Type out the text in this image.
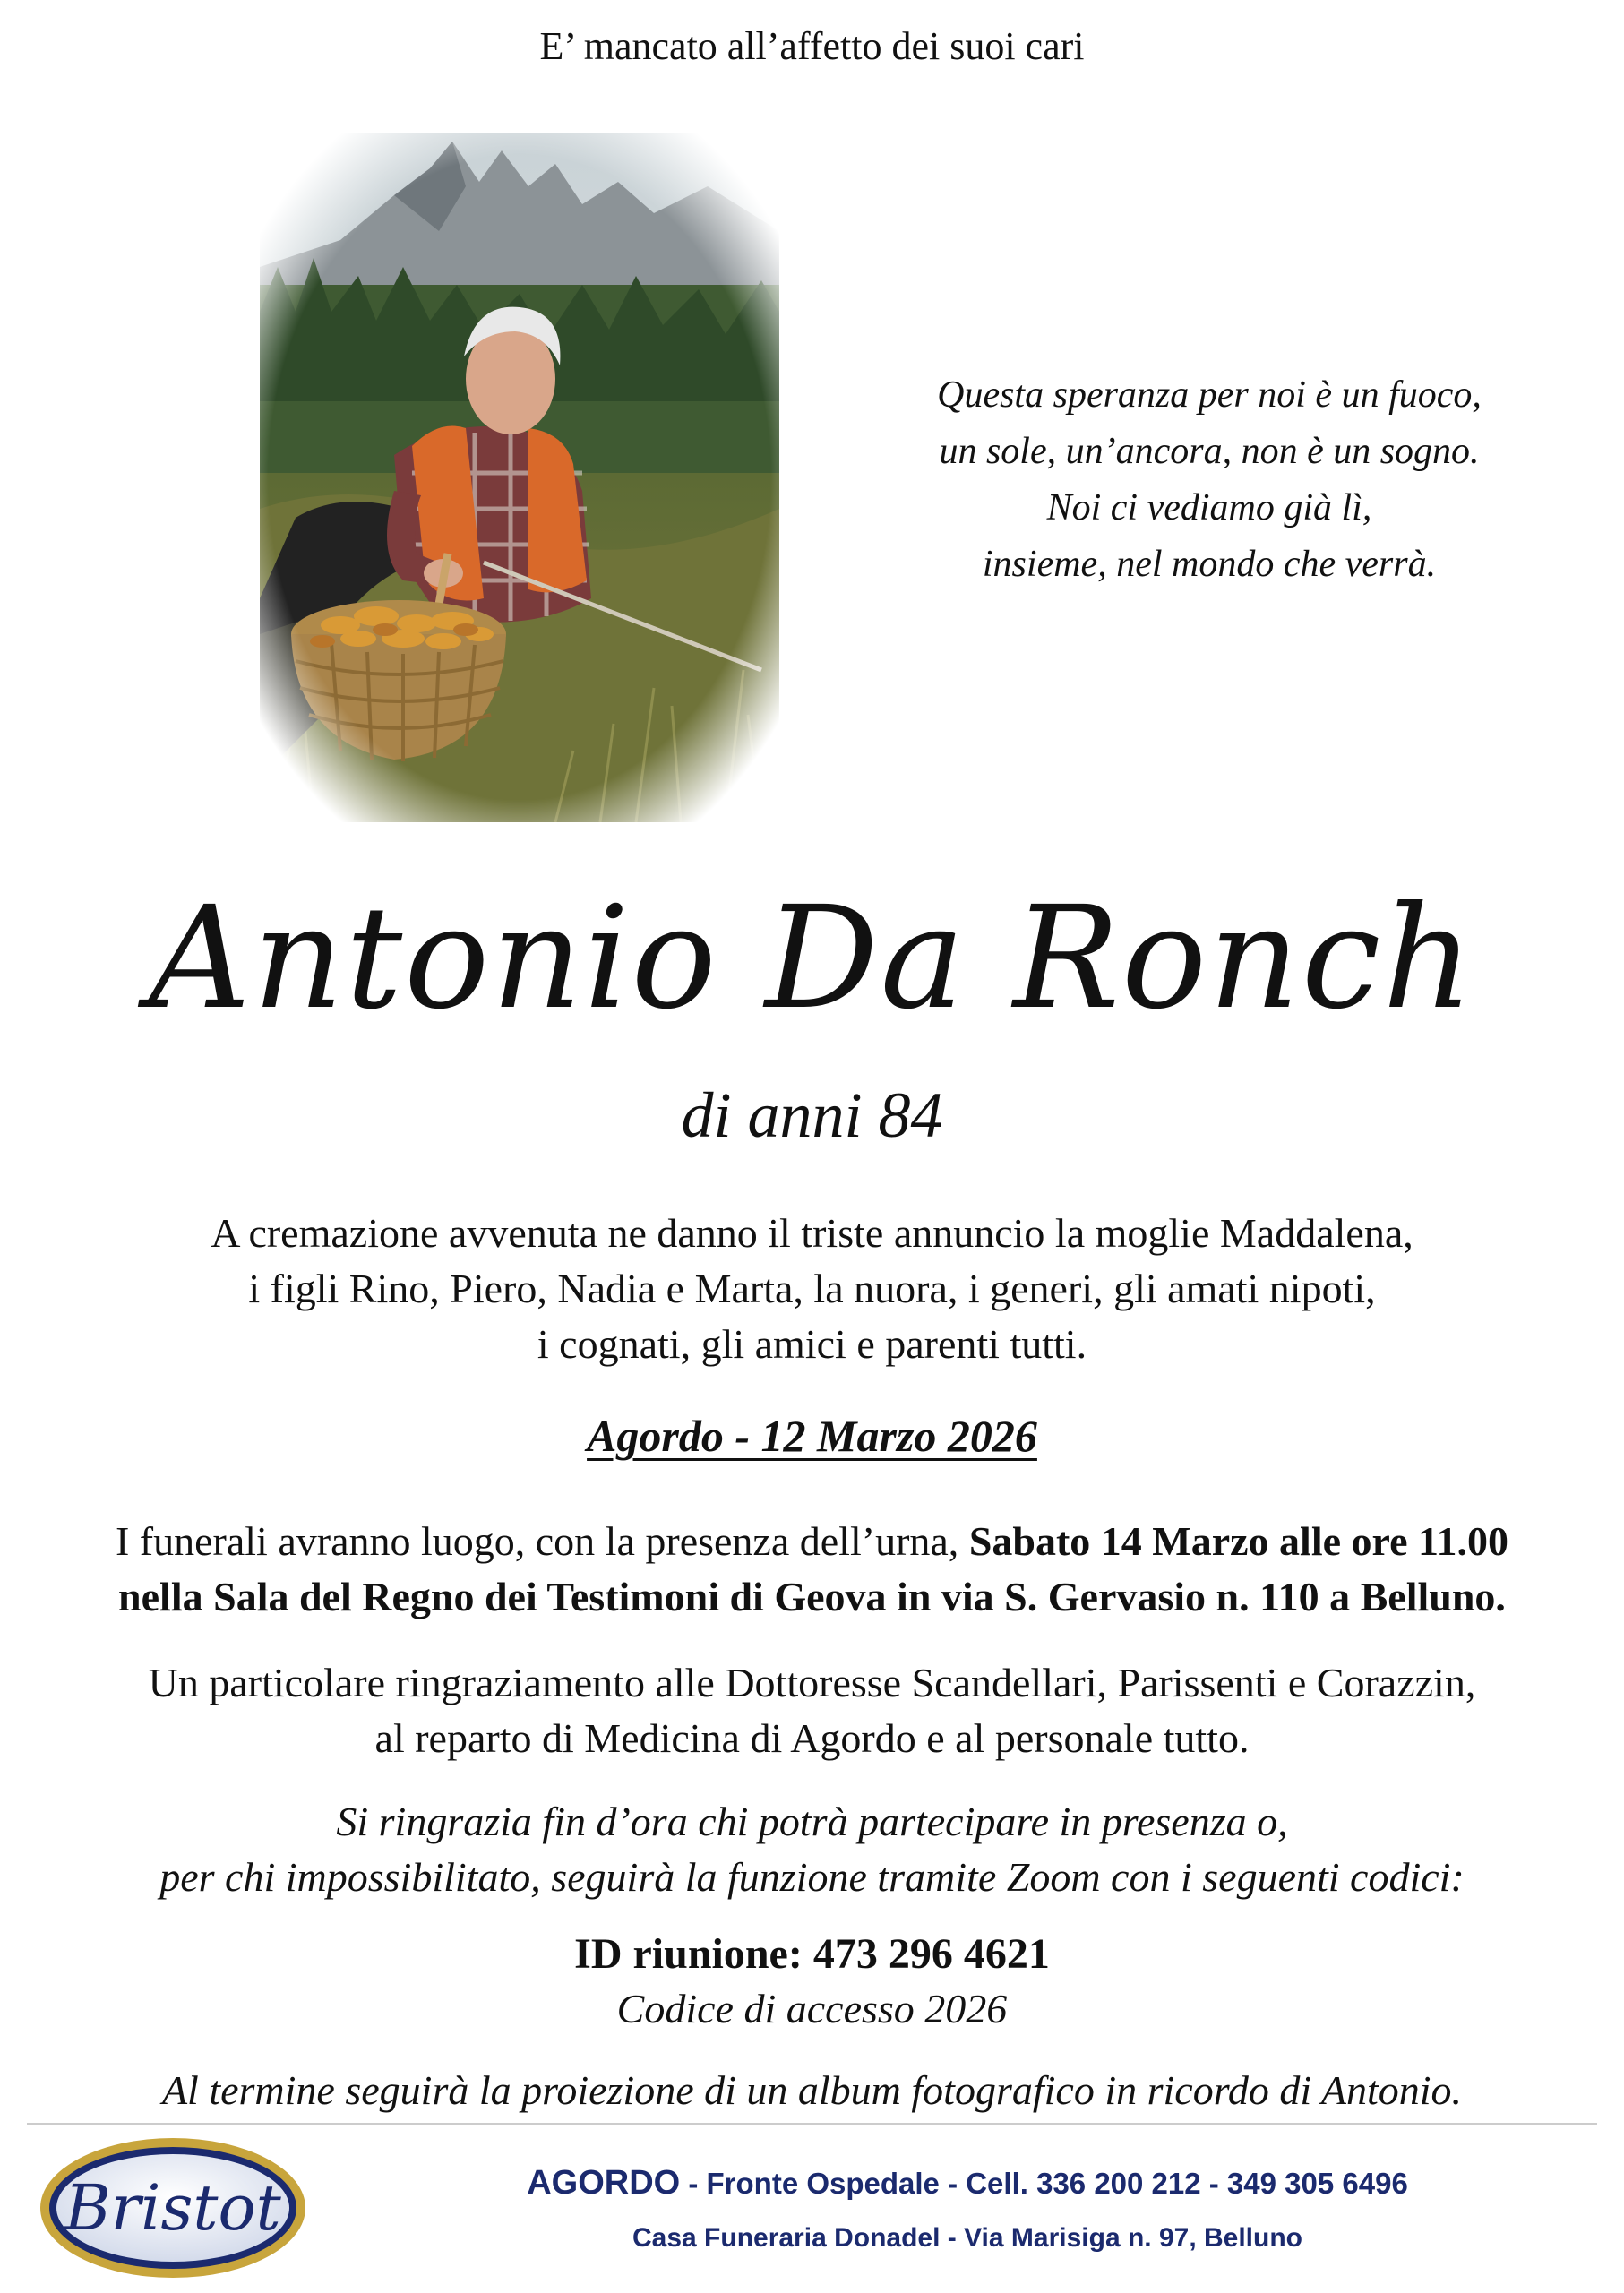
E’ mancato all’affetto dei suoi cari
Questa speranza per noi è un fuoco,
un sole, un’ancora, non è un sogno.
Noi ci vediamo già lì,
insieme, nel mondo che verrà.
Antonio Da Ronch
di anni 84
A cremazione avvenuta ne danno il triste annuncio la moglie Maddalena,
i figli Rino, Piero, Nadia e Marta, la nuora, i generi, gli amati nipoti,
i cognati, gli amici e parenti tutti.
Agordo - 12 Marzo 2026
I funerali avranno luogo, con la presenza dell’urna, Sabato 14 Marzo alle ore 11.00
nella Sala del Regno dei Testimoni di Geova in via S. Gervasio n. 110 a Belluno.
Un particolare ringraziamento alle Dottoresse Scandellari, Parissenti e Corazzin,
al reparto di Medicina di Agordo e al personale tutto.
Si ringrazia fin d’ora chi potrà partecipare in presenza o,
per chi impossibilitato, seguirà la funzione tramite Zoom con i seguenti codici:
ID riunione: 473 296 4621
Codice di accesso 2026
Al termine seguirà la proiezione di un album fotografico in ricordo di Antonio.
Bristot	AGORDO - Fronte Ospedale - Cell. 336 200 212 - 349 305 6496
Casa Funeraria Donadel - Via Marisiga n. 97, Belluno
